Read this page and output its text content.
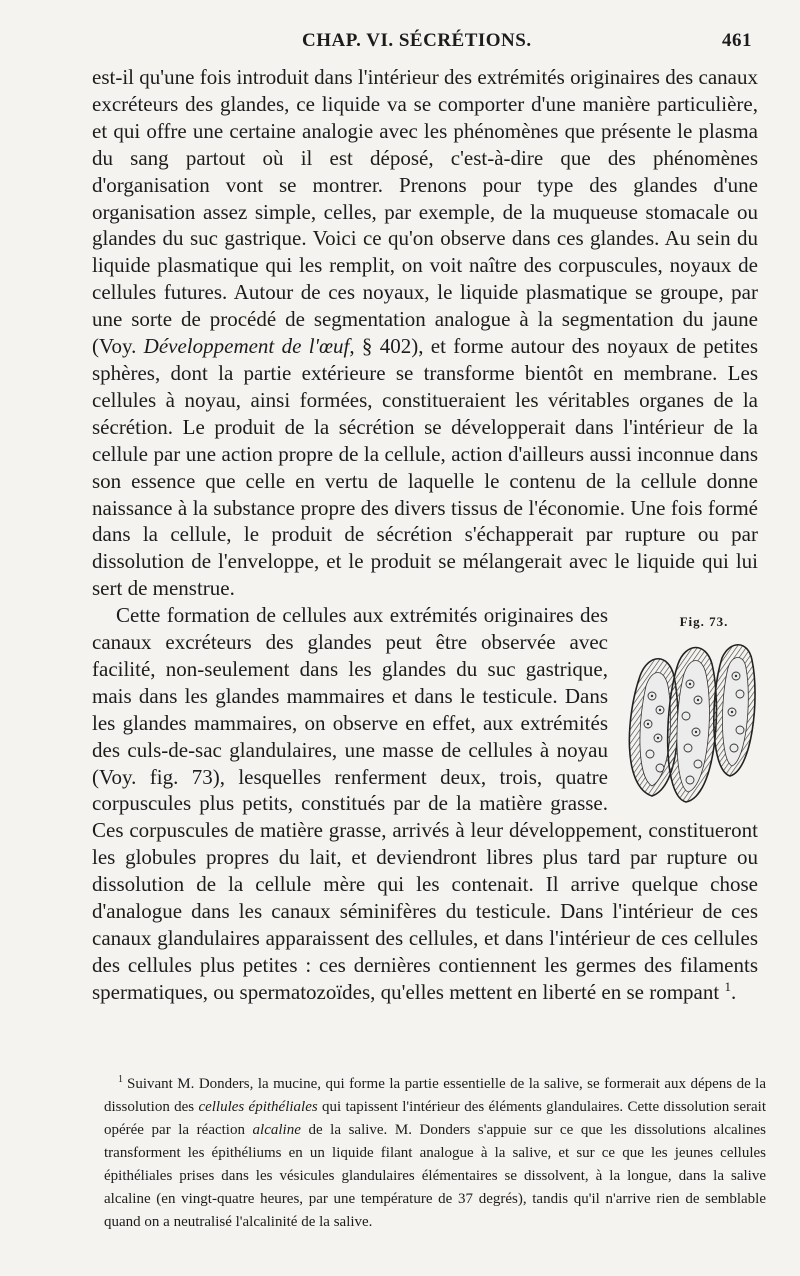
CHAP. VI. SÉCRÉTIONS.	461

est-il qu'une fois introduit dans l'intérieur des extrémités originaires des canaux excréteurs des glandes, ce liquide va se comporter d'une manière particulière, et qui offre une certaine analogie avec les phénomènes que présente le plasma du sang partout où il est déposé, c'est-à-dire que des phénomènes d'organisation vont se montrer. Prenons pour type des glandes d'une organisation assez simple, celles, par exemple, de la muqueuse stomacale ou glandes du suc gastrique. Voici ce qu'on observe dans ces glandes. Au sein du liquide plasmatique qui les remplit, on voit naître des corpuscules, noyaux de cellules futures. Autour de ces noyaux, le liquide plasmatique se groupe, par une sorte de procédé de segmentation analogue à la segmentation du jaune (Voy. Développement de l'œuf, § 402), et forme autour des noyaux de petites sphères, dont la partie extérieure se transforme bientôt en membrane. Les cellules à noyau, ainsi formées, constitueraient les véritables organes de la sécrétion. Le produit de la sécrétion se développerait dans l'intérieur de la cellule par une action propre de la cellule, action d'ailleurs aussi inconnue dans son essence que celle en vertu de laquelle le contenu de la cellule donne naissance à la substance propre des divers tissus de l'économie. Une fois formé dans la cellule, le produit de sécrétion s'échapperait par rupture ou par dissolution de l'enveloppe, et le produit se mélangerait avec le liquide qui lui sert de menstrue.

Fig. 73.
Cette formation de cellules aux extrémités originaires des canaux excréteurs des glandes peut être observée avec facilité, non-seulement dans les glandes du suc gastrique, mais dans les glandes mammaires et dans le testicule. Dans les glandes mammaires, on observe en effet, aux extrémités des culs-de-sac glandulaires, une masse de cellules à noyau (Voy. fig. 73), lesquelles renferment deux, trois, quatre corpuscules plus petits, constitués par de la matière grasse. Ces corpuscules de matière grasse, arrivés à leur développement, constitueront les globules propres du lait, et deviendront libres plus tard par rupture ou dissolution de la cellule mère qui les contenait. Il arrive quelque chose d'analogue dans les canaux séminifères du testicule. Dans l'intérieur de ces canaux glandulaires apparaissent des cellules, et dans l'intérieur de ces cellules des cellules plus petites : ces dernières contiennent les germes des filaments spermatiques, ou spermatozoïdes, qu'elles mettent en liberté en se rompant $^1$.

$^1$ Suivant M. Donders, la mucine, qui forme la partie essentielle de la salive, se formerait aux dépens de la dissolution des cellules épithéliales qui tapissent l'intérieur des éléments glandulaires. Cette dissolution serait opérée par la réaction alcaline de la salive. M. Donders s'appuie sur ce que les dissolutions alcalines transforment les épithéliums en un liquide filant analogue à la salive, et sur ce que les jeunes cellules épithéliales prises dans les vésicules glandulaires élémentaires se dissolvent, à la longue, dans la salive alcaline (en vingt-quatre heures, par une température de 37 degrés), tandis qu'il n'arrive rien de semblable quand on a neutralisé l'alcalinité de la salive.
